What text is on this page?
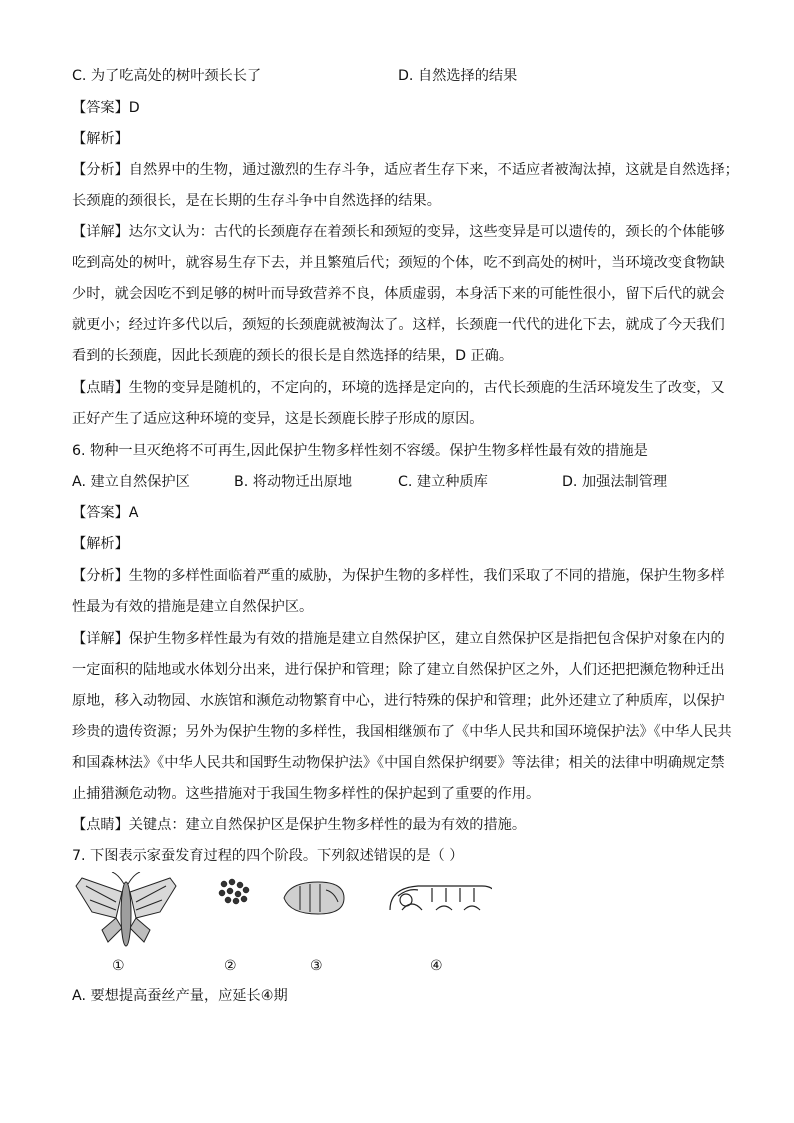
C. 为了吃高处的树叶颈长长了	D. 自然选择的结果
【答案】D
【解析】
【分析】自然界中的生物，通过激烈的生存斗争，适应者生存下来，不适应者被淘汰掉，这就是自然选择；
长颈鹿的颈很长，是在长期的生存斗争中自然选择的结果。
【详解】达尔文认为：古代的长颈鹿存在着颈长和颈短的变异，这些变异是可以遗传的，颈长的个体能够
吃到高处的树叶，就容易生存下去，并且繁殖后代；颈短的个体，吃不到高处的树叶，当环境改变食物缺
少时，就会因吃不到足够的树叶而导致营养不良，体质虚弱，本身活下来的可能性很小，留下后代的就会
就更小；经过许多代以后，颈短的长颈鹿就被淘汰了。这样，长颈鹿一代代的进化下去，就成了今天我们
看到的长颈鹿，因此长颈鹿的颈长的很长是自然选择的结果，D 正确。
【点睛】生物的变异是随机的，不定向的，环境的选择是定向的，古代长颈鹿的生活环境发生了改变，又
正好产生了适应这种环境的变异，这是长颈鹿长脖子形成的原因。
6. 物种一旦灭绝将不可再生,因此保护生物多样性刻不容缓。保护生物多样性最有效的措施是
A. 建立自然保护区	B. 将动物迁出原地	C. 建立种质库	D. 加强法制管理
【答案】A
【解析】
【分析】生物的多样性面临着严重的威胁，为保护生物的多样性，我们采取了不同的措施，保护生物多样
性最为有效的措施是建立自然保护区。
【详解】保护生物多样性最为有效的措施是建立自然保护区，建立自然保护区是指把包含保护对象在内的
一定面积的陆地或水体划分出来，进行保护和管理；除了建立自然保护区之外，人们还把把濒危物种迁出
原地，移入动物园、水族馆和濒危动物繁育中心，进行特殊的保护和管理；此外还建立了种质库，以保护
珍贵的遗传资源；另外为保护生物的多样性，我国相继颁布了《中华人民共和国环境保护法》《中华人民共
和国森林法》《中华人民共和国野生动物保护法》《中国自然保护纲要》等法律；相关的法律中明确规定禁
止捕猎濒危动物。这些措施对于我国生物多样性的保护起到了重要的作用。
【点睛】关键点：建立自然保护区是保护生物多样性的最为有效的措施。
7. 下图表示家蚕发育过程的四个阶段。下列叙述错误的是（ ）
①	②	③	④
A. 要想提高蚕丝产量，应延长④期
